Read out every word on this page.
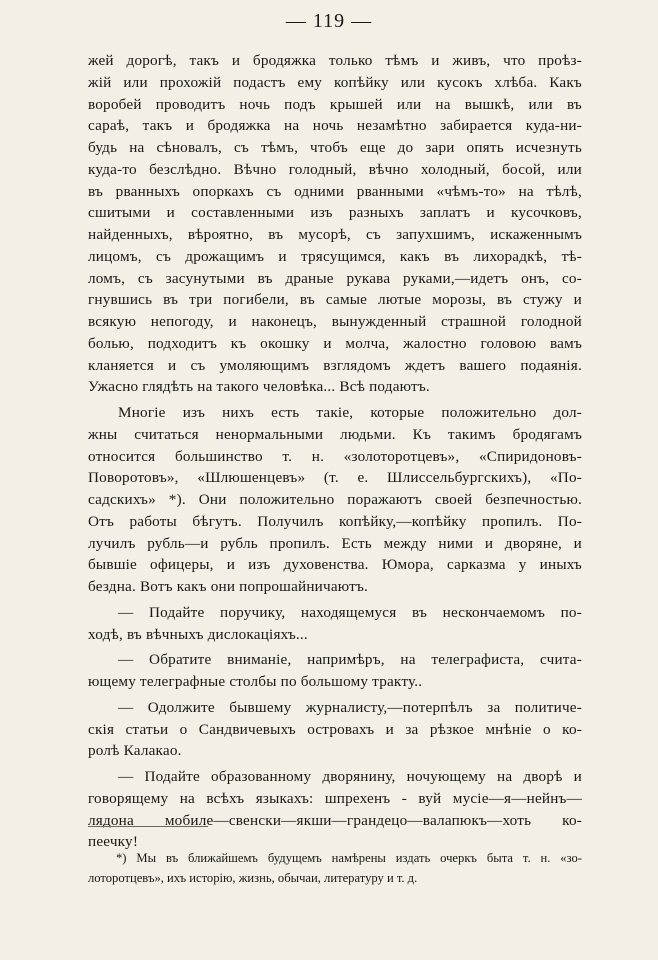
— 119 —
жей дорогѣ, такъ и бродяжка только тѣмъ и живъ, что проѣз-
жій или прохожій подастъ ему копѣйку или кусокъ хлѣба. Какъ
воробей проводитъ ночь подъ крышей или на вышкѣ, или въ
сараѣ, такъ и бродяжка на ночь незамѣтно забирается куда-ни-
будь на сѣновалъ, съ тѣмъ, чтобъ еще до зари опять исчезнуть
куда-то безслѣдно. Вѣчно голодный, вѣчно холодный, босой, или
въ рванныхъ опоркахъ съ одними рванными «чѣмъ-то» на тѣлѣ,
сшитыми и составленными изъ разныхъ заплатъ и кусочковъ,
найденныхъ, вѣроятно, въ мусорѣ, съ запухшимъ, искаженнымъ
лицомъ, съ дрожащимъ и трясущимся, какъ въ лихорадкѣ, тѣ-
ломъ, съ засунутыми въ драные рукава руками,—идетъ онъ, со-
гнувшись въ три погибели, въ самые лютые морозы, въ стужу и
всякую непогоду, и наконецъ, вынужденный страшной голодной
болью, подходитъ къ окошку и молча, жалостно головою вамъ
кланяется и съ умоляющимъ взглядомъ ждетъ вашего подаянія.
Ужасно глядѣть на такого человѣка... Всѣ подаютъ.
Многіе изъ нихъ есть такіе, которые положительно дол-
жны считаться ненормальными людьми. Къ такимъ бродягамъ
относится большинство т. н. «золоторотцевъ», «Спиридоновъ-
Поворотовъ», «Шлюшенцевъ» (т. е. Шлиссельбургскихъ), «По-
садскихъ» *). Они положительно поражаютъ своей безпечностью.
Отъ работы бѣгутъ. Получилъ копѣйку,—копѣйку пропилъ. По-
лучилъ рубль—и рубль пропилъ. Есть между ними и дворяне, и
бывшіе офицеры, и изъ духовенства. Юмора, сарказма у иныхъ
бездна. Вотъ какъ они попрошайничаютъ.
— Подайте поручику, находящемуся въ нескончаемомъ по-
ходѣ, въ вѣчныхъ дислокаціяхъ...
— Обратите вниманіе, напримѣръ, на телеграфиста, счита-
ющему телеграфные столбы по большому тракту..
— Одолжите бывшему журналисту,—потерпѣлъ за политиче-
скія статьи о Сандвичевыхъ островахъ и за рѣзкое мнѣніе о ко-
ролѣ Калакао.
— Подайте образованному дворянину, ночующему на дворѣ и
говорящему на всѣхъ языкахъ: шпрехенъ - вуй мусіе—я—нейнъ—
лядона мобиле—свенски—якши—грандецо—валапюкъ—хоть ко-
пеечку!
*) Мы въ ближайшемъ будущемъ намѣрены издать очеркъ быта т. н. «зо-
лоторотцевъ», ихъ исторію, жизнь, обычаи, литературу и т. д.
